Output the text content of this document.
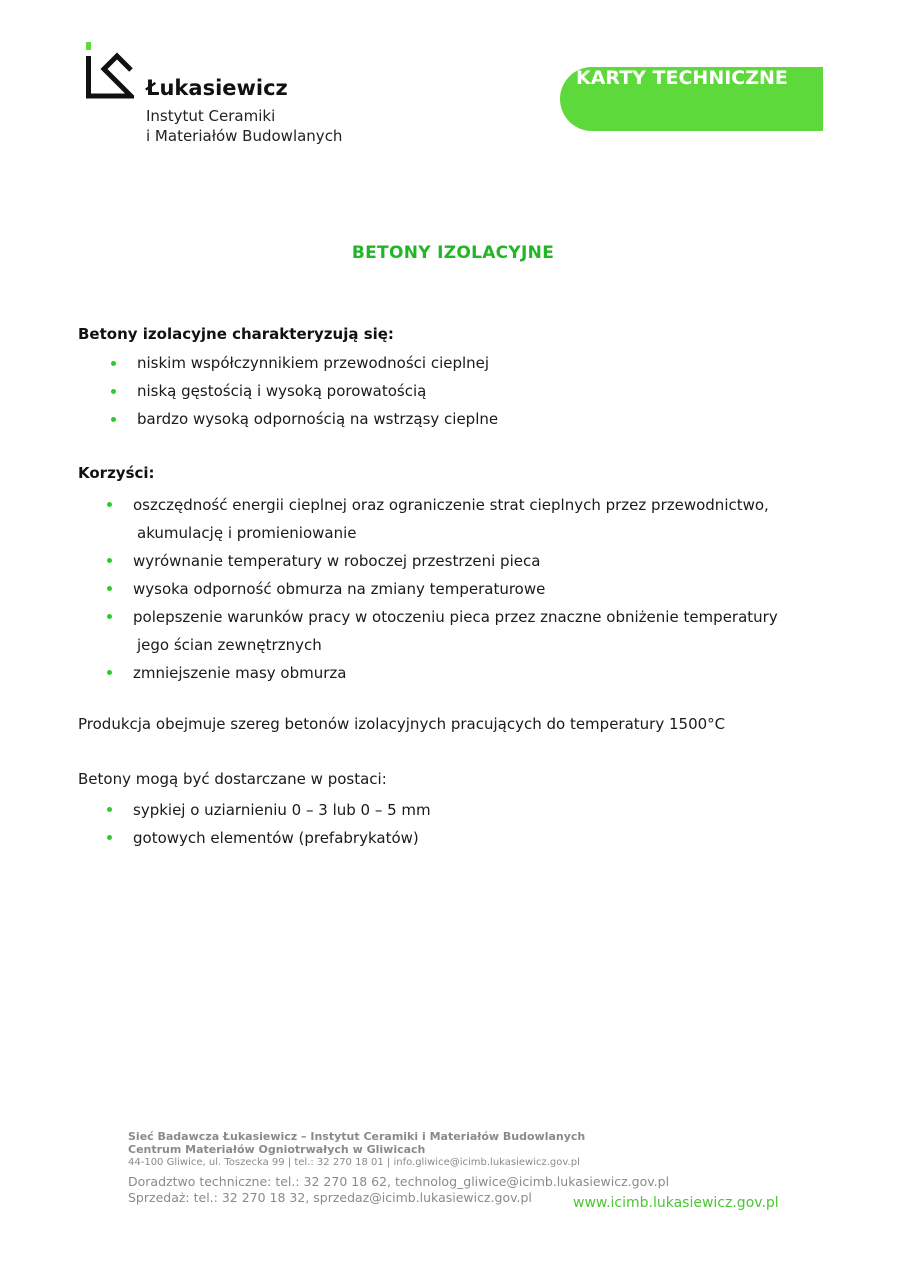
Łukasiewicz
Instytut Ceramiki
i Materiałów Budowlanych
KARTY TECHNICZNE
BETONY IZOLACYJNE
Betony izolacyjne charakteryzują się:
niskim współczynnikiem przewodności cieplnej
niską gęstością i wysoką porowatością
bardzo wysoką odpornością na wstrząsy cieplne
Korzyści:
oszczędność energii cieplnej oraz ograniczenie strat cieplnych przez przewodnictwo,
akumulację i promieniowanie
wyrównanie temperatury w roboczej przestrzeni pieca
wysoka odporność obmurza na zmiany temperaturowe
polepszenie warunków pracy w otoczeniu pieca przez znaczne obniżenie temperatury
jego ścian zewnętrznych
zmniejszenie masy obmurza
Produkcja obejmuje szereg betonów izolacyjnych pracujących do temperatury 1500°C
Betony mogą być dostarczane w postaci:
sypkiej o uziarnieniu 0 – 3 lub 0 – 5 mm
gotowych elementów (prefabrykatów)
Sieć Badawcza Łukasiewicz – Instytut Ceramiki i Materiałów Budowlanych
Centrum Materiałów Ogniotrwałych w Gliwicach
44-100 Gliwice, ul. Toszecka 99 | tel.: 32 270 18 01 | info.gliwice@icimb.lukasiewicz.gov.pl
Doradztwo techniczne: tel.: 32 270 18 62, technolog_gliwice@icimb.lukasiewicz.gov.pl
Sprzedaż: tel.: 32 270 18 32, sprzedaz@icimb.lukasiewicz.gov.pl	www.icimb.lukasiewicz.gov.pl
